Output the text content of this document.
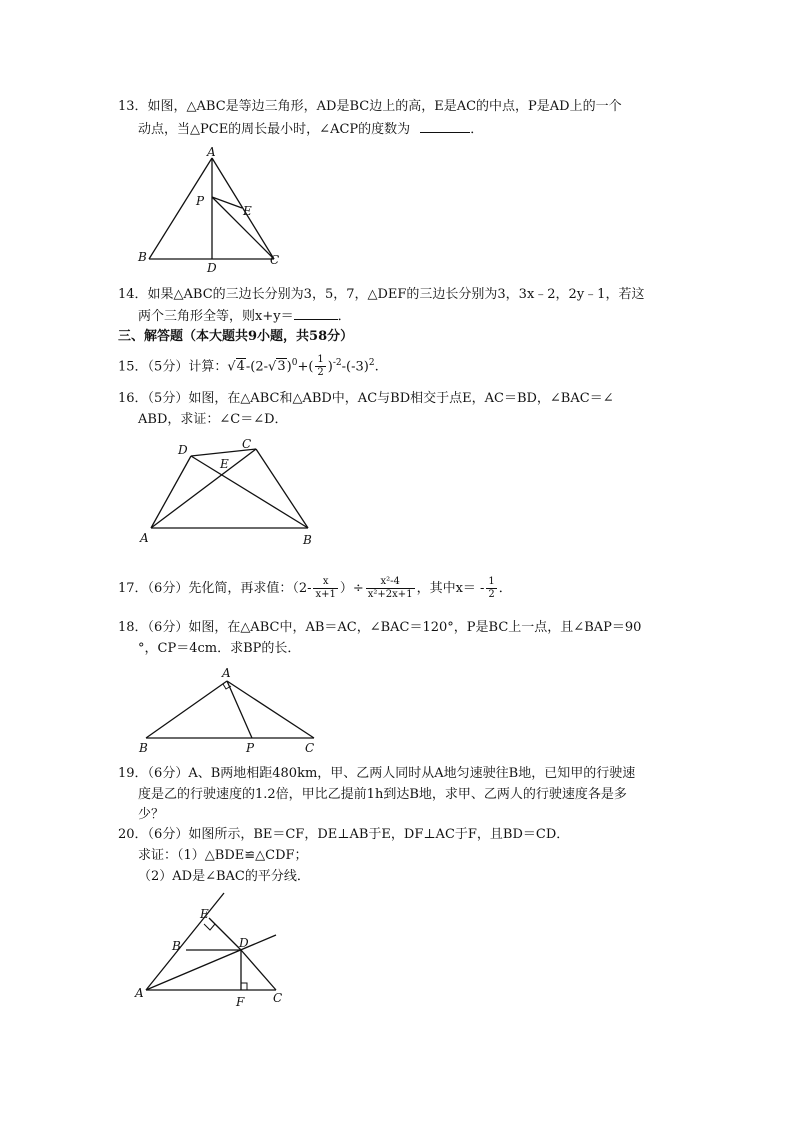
13．如图，△ABC是等边三角形，AD是BC边上的高，E是AC的中点，P是AD上的一个
动点，当△PCE的周长最小时，∠ACP的度数为	．
A
P
E
B
D
C
14．如果△ABC的三边长分别为3，5，7，△DEF的三边长分别为3，3x﹣2，2y﹣1，若这
两个三角形全等，则x+y＝	．
三、解答题（本大题共9小题，共58分）
15．（5分）计算：$√4-(2-√3)^0+( \frac{1}{2} )^{-2}-(-3)^2$.
16．（5分）如图，在△ABC和△ABD中，AC与BD相交于点E，AC＝BD，∠BAC＝∠
ABD，求证：∠C＝∠D．
D	C
E
A	B
17．（6分）先化简，再求值：（$2- \frac{x}{x+1}$ ）÷ $\frac{\text{x²-4}}{\text{x²+2x+1}}$ ，其中$x= - \frac{1}{2}$ ．
18．（6分）如图，在△ABC中，AB＝AC，∠BAC＝120°，P是BC上一点，且∠BAP＝90
°，CP＝4cm．求BP的长．
A
B	P	C
19．（6分）A、B两地相距480km，甲、乙两人同时从A地匀速驶往B地，已知甲的行驶速
度是乙的行驶速度的1.2倍，甲比乙提前1h到达B地，求甲、乙两人的行驶速度各是多
少？
20．（6分）如图所示，BE＝CF，DE⊥AB于E，DF⊥AC于F，且BD＝CD．
求证：（1）△BDE≌△CDF；
（2）AD是∠BAC的平分线．
E
B	D
A
F C
